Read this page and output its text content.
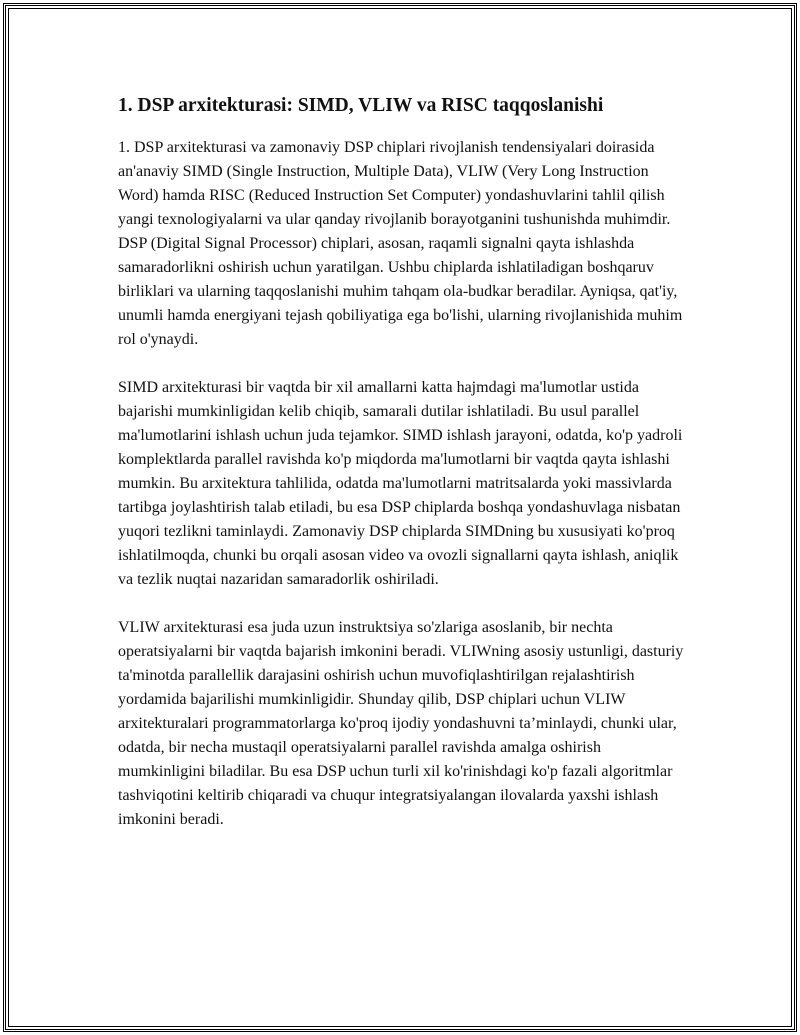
1. DSP arxitekturasi: SIMD, VLIW va RISC taqqoslanishi

1. DSP arxitekturasi va zamonaviy DSP chiplari rivojlanish tendensiyalari doirasida an'anaviy SIMD (Single Instruction, Multiple Data), VLIW (Very Long Instruction Word) hamda RISC (Reduced Instruction Set Computer) yondashuvlarini tahlil qilish yangi texnologiyalarni va ular qanday rivojlanib borayotganini tushunishda muhimdir. DSP (Digital Signal Processor) chiplari, asosan, raqamli signalni qayta ishlashda samaradorlikni oshirish uchun yaratilgan. Ushbu chiplarda ishlatiladigan boshqaruv birliklari va ularning taqqoslanishi muhim tahqam ola-budkar beradilar. Ayniqsa, qat'iy, unumli hamda energiyani tejash qobiliyatiga ega bo'lishi, ularning rivojlanishida muhim rol o'ynaydi.

SIMD arxitekturasi bir vaqtda bir xil amallarni katta hajmdagi ma'lumotlar ustida bajarishi mumkinligidan kelib chiqib, samarali dutilar ishlatiladi. Bu usul parallel ma'lumotlarini ishlash uchun juda tejamkor. SIMD ishlash jarayoni, odatda, ko'p yadroli komplektlarda parallel ravishda ko'p miqdorda ma'lumotlarni bir vaqtda qayta ishlashi mumkin. Bu arxitektura tahlilida, odatda ma'lumotlarni matritsalarda yoki massivlarda tartibga joylashtirish talab etiladi, bu esa DSP chiplarda boshqa yondashuvlaga nisbatan yuqori tezlikni taminlaydi. Zamonaviy DSP chiplarda SIMDning bu xususiyati ko'proq ishlatilmoqda, chunki bu orqali asosan video va ovozli signallarni qayta ishlash, aniqlik va tezlik nuqtai nazaridan samaradorlik oshiriladi.

VLIW arxitekturasi esa juda uzun instruktsiya so'zlariga asoslanib, bir nechta operatsiyalarni bir vaqtda bajarish imkonini beradi. VLIWning asosiy ustunligi, dasturiy ta'minotda parallellik darajasini oshirish uchun muvofiqlashtirilgan rejalashtirish yordamida bajarilishi mumkinligidir. Shunday qilib, DSP chiplari uchun VLIW arxitekturalari programmatorlarga ko'proq ijodiy yondashuvni ta’minlaydi, chunki ular, odatda, bir necha mustaqil operatsiyalarni parallel ravishda amalga oshirish mumkinligini biladilar. Bu esa DSP uchun turli xil ko'rinishdagi ko'p fazali algoritmlar tashviqotini keltirib chiqaradi va chuqur integratsiyalangan ilovalarda yaxshi ishlash imkonini beradi.
